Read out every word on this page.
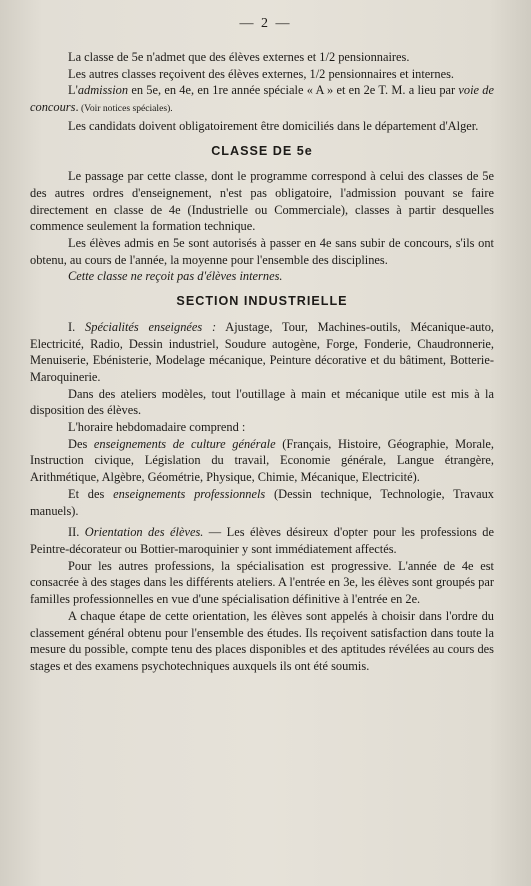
— 2 —

La classe de 5e n'admet que des élèves externes et 1/2 pensionnaires.

Les autres classes reçoivent des élèves externes, 1/2 pensionnaires et internes.

L'admission en 5e, en 4e, en 1re année spéciale « A » et en 2e T. M. a lieu par voie de concours. (Voir notices spéciales).

Les candidats doivent obligatoirement être domiciliés dans le département d'Alger.

CLASSE DE 5e

Le passage par cette classe, dont le programme correspond à celui des classes de 5e des autres ordres d'enseignement, n'est pas obligatoire, l'admission pouvant se faire directement en classe de 4e (Industrielle ou Commerciale), classes à partir desquelles commence seulement la formation technique.

Les élèves admis en 5e sont autorisés à passer en 4e sans subir de concours, s'ils ont obtenu, au cours de l'année, la moyenne pour l'ensemble des disciplines.

Cette classe ne reçoit pas d'élèves internes.

SECTION INDUSTRIELLE

I. Spécialités enseignées : Ajustage, Tour, Machines-outils, Mécanique-auto, Electricité, Radio, Dessin industriel, Soudure autogène, Forge, Fonderie, Chaudronnerie, Menuiserie, Ebénisterie, Modelage mécanique, Peinture décorative et du bâtiment, Botterie-Maroquinerie.

Dans des ateliers modèles, tout l'outillage à main et mécanique utile est mis à la disposition des élèves.

L'horaire hebdomadaire comprend :

Des enseignements de culture générale (Français, Histoire, Géographie, Morale, Instruction civique, Législation du travail, Economie générale, Langue étrangère, Arithmétique, Algèbre, Géométrie, Physique, Chimie, Mécanique, Electricité).

Et des enseignements professionnels (Dessin technique, Technologie, Travaux manuels).

II. Orientation des élèves. — Les élèves désireux d'opter pour les professions de Peintre-décorateur ou Bottier-maroquinier y sont immédiatement affectés.

Pour les autres professions, la spécialisation est progressive. L'année de 4e est consacrée à des stages dans les différents ateliers. A l'entrée en 3e, les élèves sont groupés par familles professionnelles en vue d'une spécialisation définitive à l'entrée en 2e.

A chaque étape de cette orientation, les élèves sont appelés à choisir dans l'ordre du classement général obtenu pour l'ensemble des études. Ils reçoivent satisfaction dans toute la mesure du possible, compte tenu des places disponibles et des aptitudes révélées au cours des stages et des examens psychotechniques auxquels ils ont été soumis.
